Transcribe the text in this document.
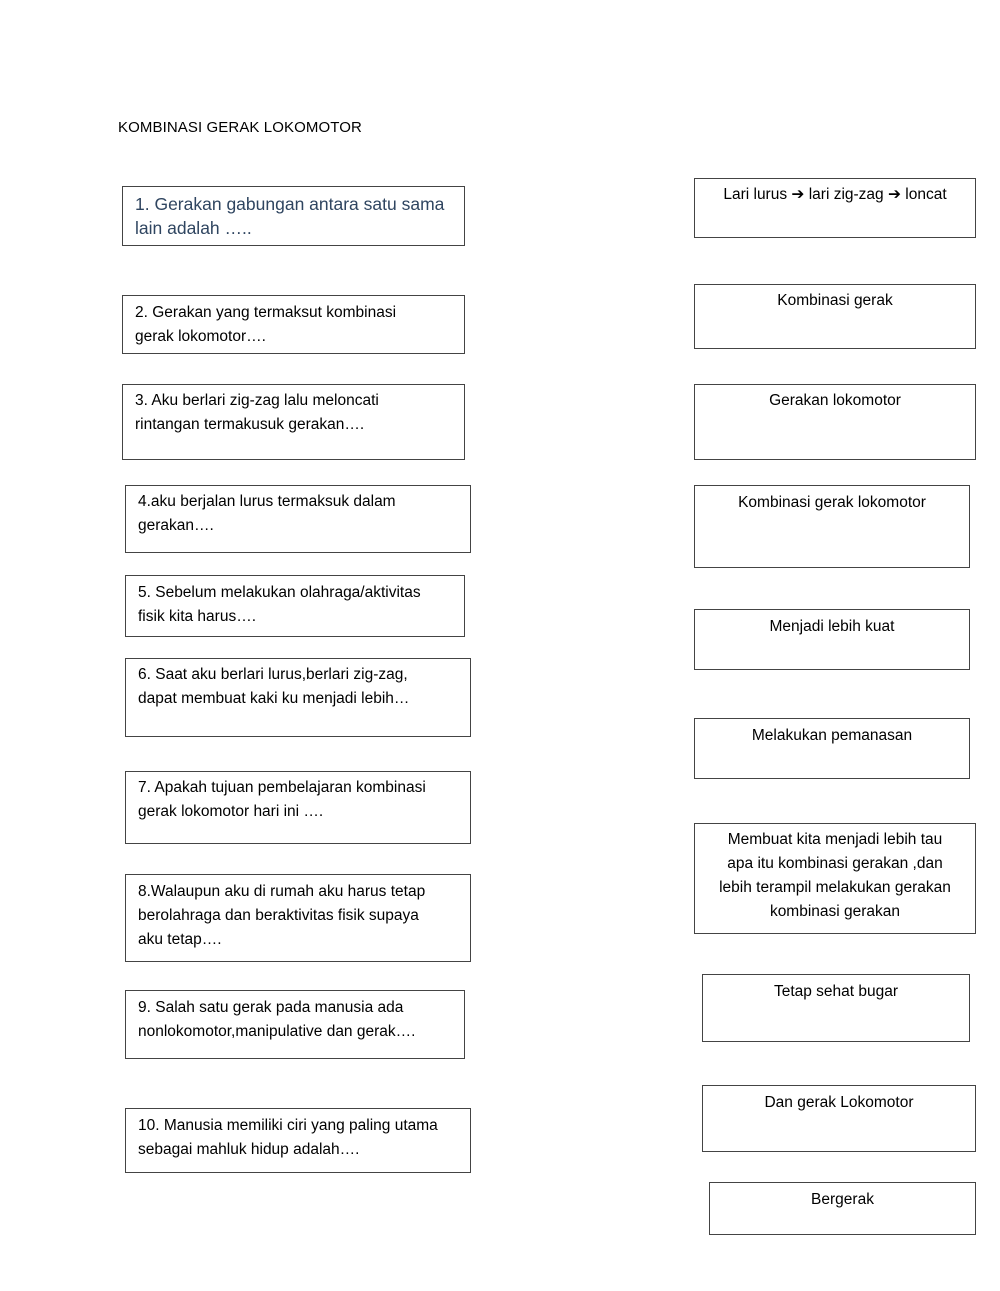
KOMBINASI GERAK LOKOMOTOR
1. Gerakan gabungan antara satu sama
lain adalah …..
2. Gerakan yang termaksut kombinasi
gerak lokomotor….
3. Aku berlari zig-zag lalu meloncati
rintangan termakusuk gerakan….
4.aku berjalan lurus termaksuk dalam
gerakan….
5. Sebelum melakukan olahraga/aktivitas
fisik kita harus….
6. Saat aku berlari lurus,berlari zig-zag,
dapat membuat kaki ku menjadi lebih…
7. Apakah tujuan pembelajaran kombinasi
gerak lokomotor hari ini ….
8.Walaupun aku di rumah aku harus tetap
berolahraga dan beraktivitas fisik supaya
aku tetap….
9. Salah satu gerak pada manusia ada
nonlokomotor,manipulative dan gerak….
10. Manusia memiliki ciri yang paling utama
sebagai mahluk hidup adalah….
Lari lurus ➔ lari zig-zag ➔ loncat
Kombinasi gerak
Gerakan lokomotor
Kombinasi gerak lokomotor
Menjadi lebih kuat
Melakukan pemanasan
Membuat kita menjadi lebih tau
apa itu kombinasi gerakan ,dan
lebih terampil melakukan gerakan
kombinasi gerakan
Tetap sehat bugar
Dan gerak Lokomotor
Bergerak
